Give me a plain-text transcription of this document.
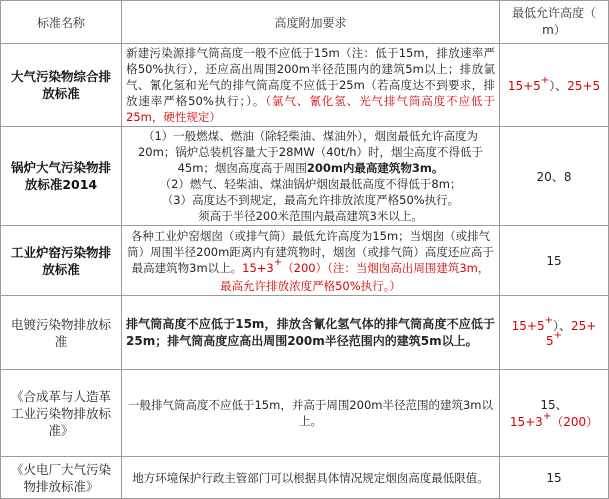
标准名称	高度附加要求	最低允许高度（
m）
大气污染物综合排放标准	新建污染源排气筒高度一般不应低于15m（注：低于15m，排放速率严格50%执行），还应高出周围200m半径范围内的建筑5m以上；排放氯气、氰化氢和光气的排气筒高度不应低于25m（若高度达不到要求，排放速率严格50%执行；）。（氯气、氰化氢、光气排气筒高度不应低于25m，硬性规定）	15+5+）、25+5
锅炉大气污染物排放标准2014	（1）一般燃煤、燃油（除轻柴油、煤油外），烟囱最低允许高度为20m；锅炉总装机容量大于28MW（40t/h）时，烟尘高度不得低于45m；烟囱高度高于周围200m内最高建筑物3m。
（2）燃气、轻柴油、煤油锅炉烟囱最低高度不得低于8m；
（3）高度达不到规定，最高允许排放浓度严格50%执行。
须高于半径200米范围内最高建筑3米以上。	20、8
工业炉窑污染物排放标准	各种工业炉窑烟囱（或排气筒）最低允许高度为15m；当烟囱（或排气筒）周围半径200m距离内有建筑物时，烟囱（或排气筒）高度还应高于最高建筑物3m以上。15+3+（200）（注：当烟囱高出周围建筑3m，最高允许排放浓度严格50%执行。）	15
电镀污染物排放标准	排气筒高度不应低于15m，排放含氰化氢气体的排气筒高度不应低于25m；排气筒高度应高出周围200m半径范围内的建筑5m以上。	15+5+）、25+
5+
《合成革与人造革工业污染物排放标准》	一般排气筒高度不应低于15m，并高于周围200m半径范围的建筑3m以上。	15、15+3+（200）
《火电厂大气污染物排放标准》	地方环境保护行政主管部门可以根据具体情况规定烟囱高度最低限值。	15
